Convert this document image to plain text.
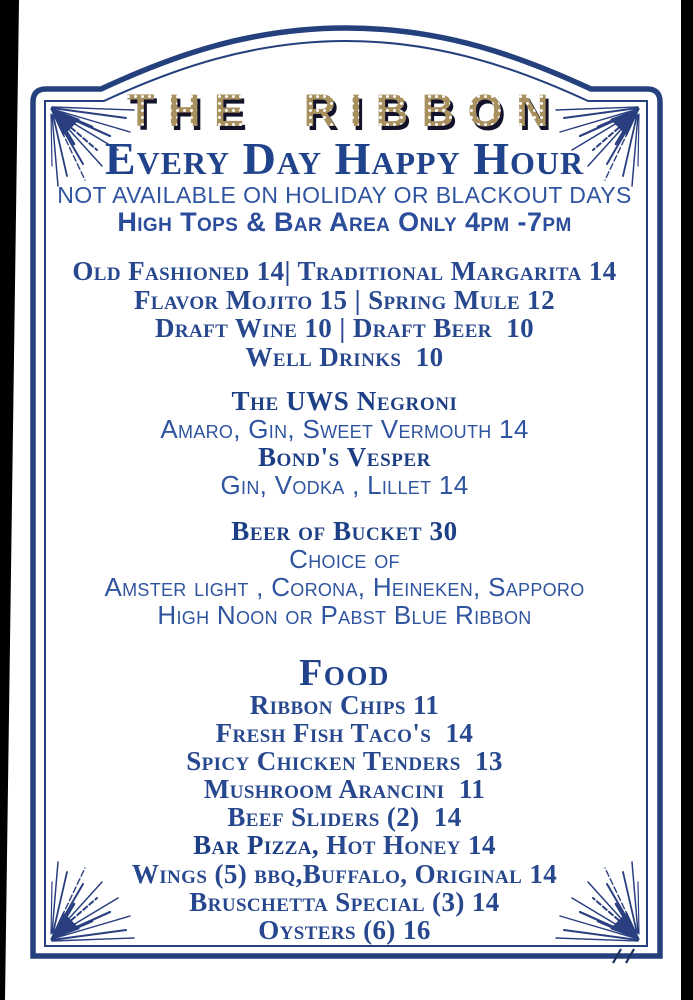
THE RIBBON
Every Day Happy Hour
NOT AVAILABLE ON HOLIDAY OR BLACKOUT DAYS
High Tops & Bar Area Only 4pm -7pm
Old Fashioned 14| Traditional Margarita 14
Flavor Mojito 15 | Spring Mule 12
Draft Wine 10 | Draft Beer  10
Well Drinks  10
The UWS Negroni
Amaro, Gin, Sweet Vermouth 14
Bond's Vesper
Gin, Vodka , Lillet 14
Beer of Bucket 30
Choice of
Amster light , Corona, Heineken, Sapporo
High Noon or Pabst Blue Ribbon
Food
Ribbon Chips 11
Fresh Fish Taco's  14
Spicy Chicken Tenders  13
Mushroom Arancini  11
Beef Sliders (2)  14
Bar Pizza, Hot Honey 14
Wings (5) bbq,Buffalo, Original 14
Bruschetta Special (3) 14
Oysters (6) 16
